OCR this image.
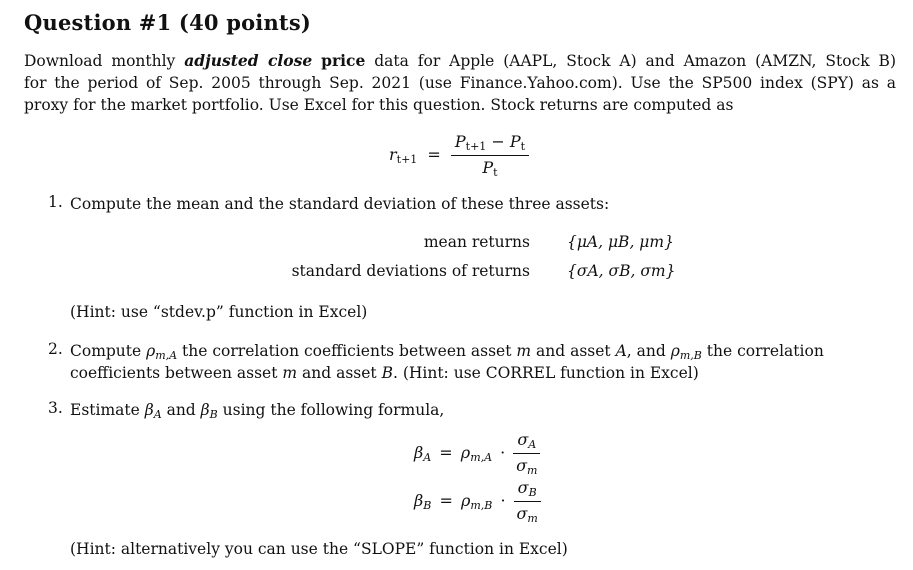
Question #1 (40 points)
Download monthly adjusted close price data for Apple (AAPL, Stock A) and Amazon (AMZN, Stock B)
for the period of Sep. 2005 through Sep. 2021 (use Finance.Yahoo.com). Use the SP500 index (SPY) as a
proxy for the market portfolio. Use Excel for this question. Stock returns are computed as
$r_{t+1} = \frac{P_{t+1} - P_t}{P_t}$
1. Compute the mean and the standard deviation of these three assets:
mean returns {μA, μB, μm}
standard deviations of returns {σA, σB, σm}
(Hint: use “stdev.p” function in Excel)
2. Compute $\rho_{m,A}$ the correlation coefficients between asset m and asset A, and $\rho_{m,B}$ the correlation
coefficients between asset m and asset B. (Hint: use CORREL function in Excel)
3. Estimate $\beta_A$ and $\beta_B$ using the following formula,
$\beta_A = \rho_{m,A} \cdot \frac{\sigma_A}{\sigma_m}$
$\beta_B = \rho_{m,B} \cdot \frac{\sigma_B}{\sigma_m}$
(Hint: alternatively you can use the “SLOPE” function in Excel)
